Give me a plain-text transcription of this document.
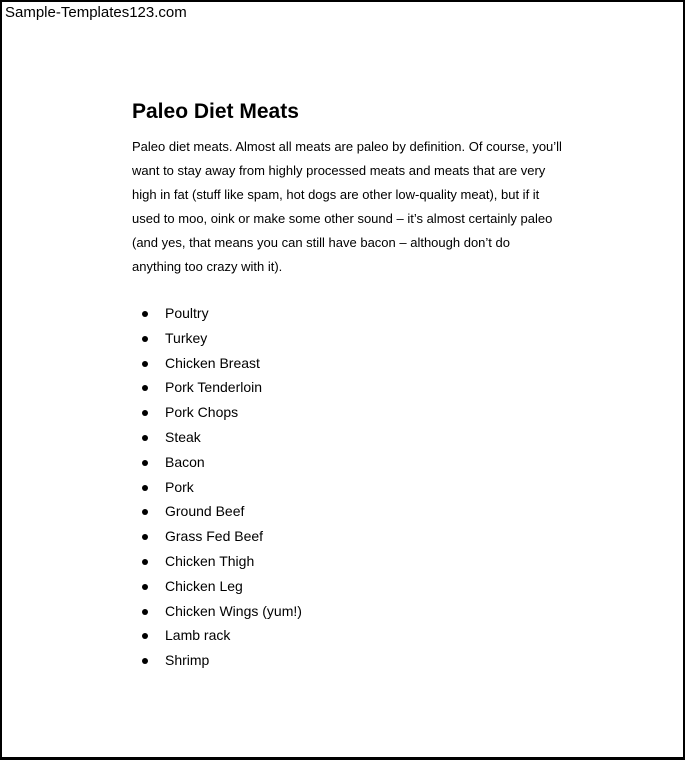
Sample-Templates123.com
Paleo Diet Meats

Paleo diet meats. Almost all meats are paleo by definition. Of course, you’ll want to stay away from highly processed meats and meats that are very high in fat (stuff like spam, hot dogs are other low-quality meat), but if it used to moo, oink or make some other sound – it’s almost certainly paleo (and yes, that means you can still have bacon – although don’t do anything too crazy with it).

Poultry
Turkey
Chicken Breast
Pork Tenderloin
Pork Chops
Steak
Bacon
Pork
Ground Beef
Grass Fed Beef
Chicken Thigh
Chicken Leg
Chicken Wings (yum!)
Lamb rack
Shrimp
